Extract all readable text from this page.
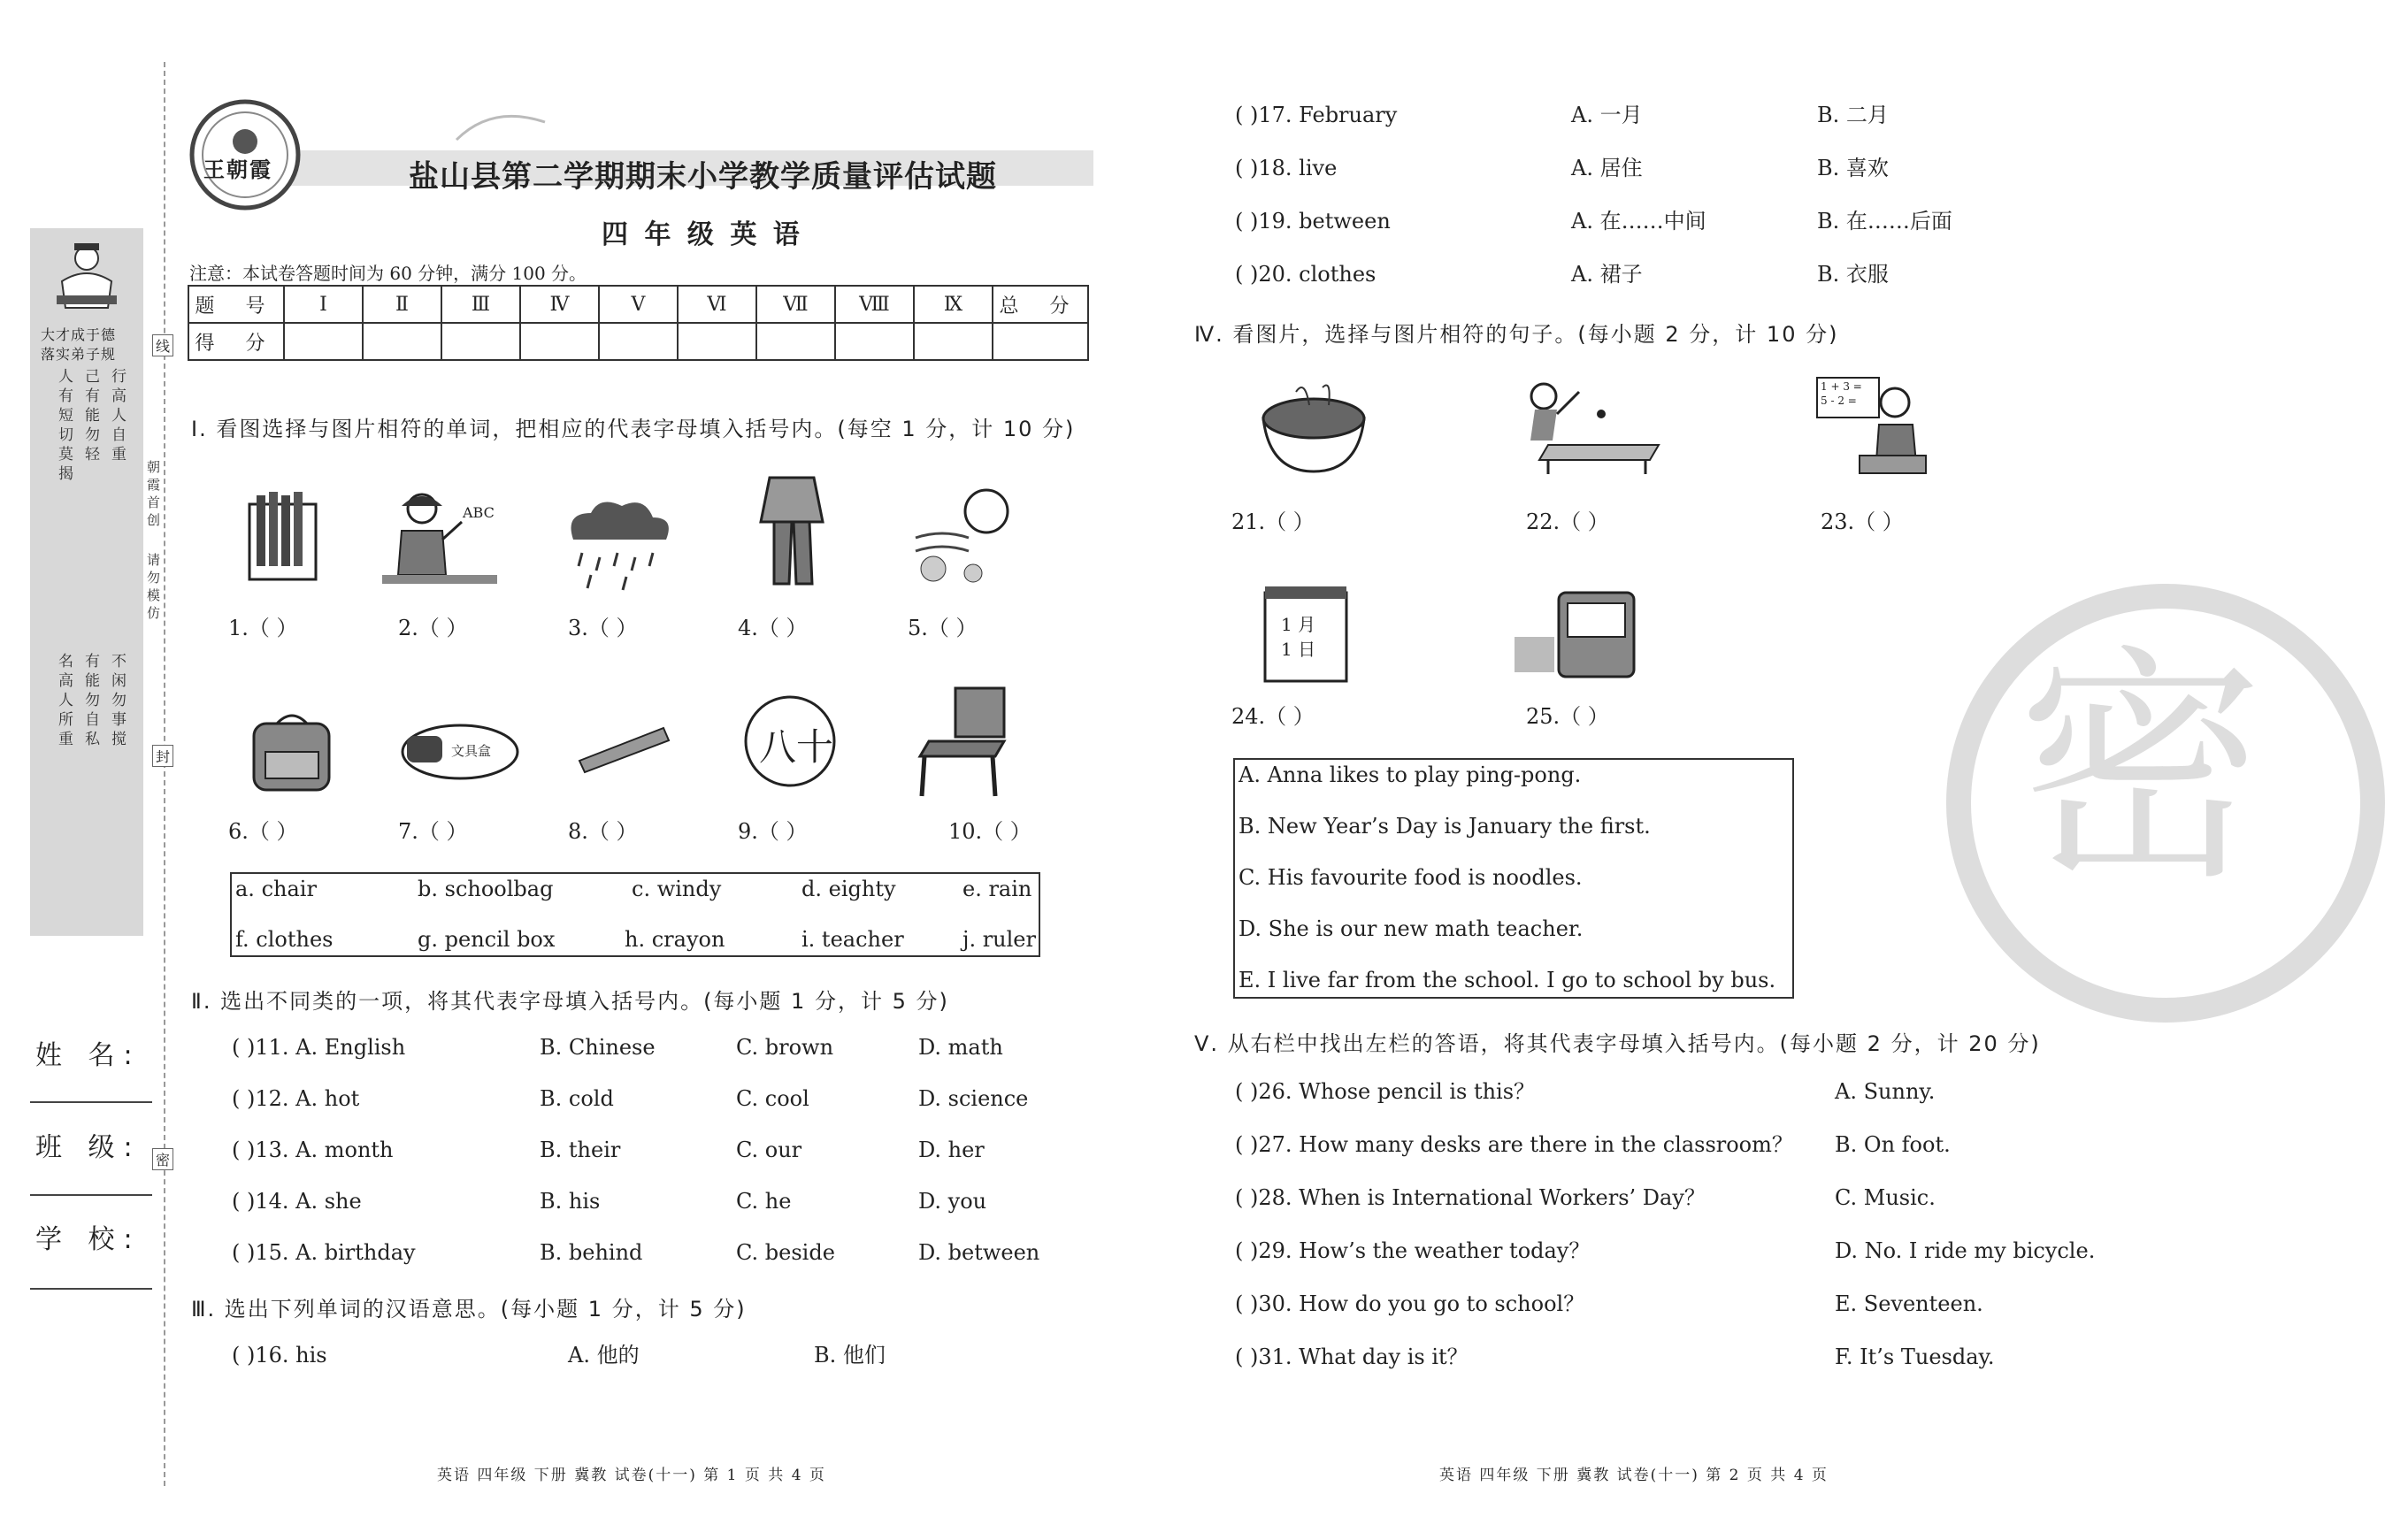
线
封
密
朝霞首创
请勿模仿
大才成于德
落实弟子规
行高人自重
己有能勿轻
人有短切莫揭
不闲勿事搅
有能勿自私
名高人所重
姓 名:
班 级:
学 校:
王朝霞	盐山县第二学期期末小学教学质量评估试题
四 年 级 英 语
注意：本试卷答题时间为 60 分钟，满分 100 分。
题 号	Ⅰ	Ⅱ	Ⅲ	Ⅳ	Ⅴ	Ⅵ	Ⅶ	Ⅷ	Ⅸ	总 分
得 分										
Ⅰ. 看图选择与图片相符的单词，把相应的代表字母填入括号内。(每空 1 分，计 10 分)
ABC
1.（ ）	2.（ ）	3.（ ）	4.（ ）	5.（ ）
文具盒	八十
6.（ ）	7.（ ）	8.（ ）	9.（ ）	10.（ ）
a. chair	b. schoolbag	c. windy	d. eighty	e. rain
f. clothes	g. pencil box	h. crayon	i. teacher	j. ruler
Ⅱ. 选出不同类的一项，将其代表字母填入括号内。(每小题 1 分，计 5 分)
( )11. A. English	B. Chinese	C. brown	D. math
( )12. A. hot	B. cold	C. cool	D. science
( )13. A. month	B. their	C. our	D. her
( )14. A. she	B. his	C. he	D. you
( )15. A. birthday	B. behind	C. beside	D. between
Ⅲ. 选出下列单词的汉语意思。(每小题 1 分，计 5 分)
( )16. his	A. 他的	B. 他们
( )17. February	A. 一月	B. 二月
( )18. live	A. 居住	B. 喜欢
( )19. between	A. 在……中间	B. 在……后面
( )20. clothes	A. 裙子	B. 衣服
Ⅳ. 看图片，选择与图片相符的句子。(每小题 2 分，计 10 分)
1 + 3 =
5 - 2 =
21.（ ）	22.（ ）	23.（ ）
1 月
1 日
24.（ ）	25.（ ）
A. Anna likes to play ping-pong.
B. New Year’s Day is January the first.
C. His favourite food is noodles.
D. She is our new math teacher.
E. I live far from the school. I go to school by bus.
Ⅴ. 从右栏中找出左栏的答语，将其代表字母填入括号内。(每小题 2 分，计 20 分)
( )26. Whose pencil is this？	A. Sunny.
( )27. How many desks are there in the classroom？ B. On foot.
( )28. When is International Workers’ Day？	C. Music.
( )29. How’s the weather today？	D. No. I ride my bicycle.
( )30. How do you go to school？	E. Seventeen.
( )31. What day is it？	F. It’s Tuesday.
密
英语 四年级 下册 冀教 试卷(十一) 第 1 页 共 4 页	英语 四年级 下册 冀教 试卷(十一) 第 2 页 共 4 页
